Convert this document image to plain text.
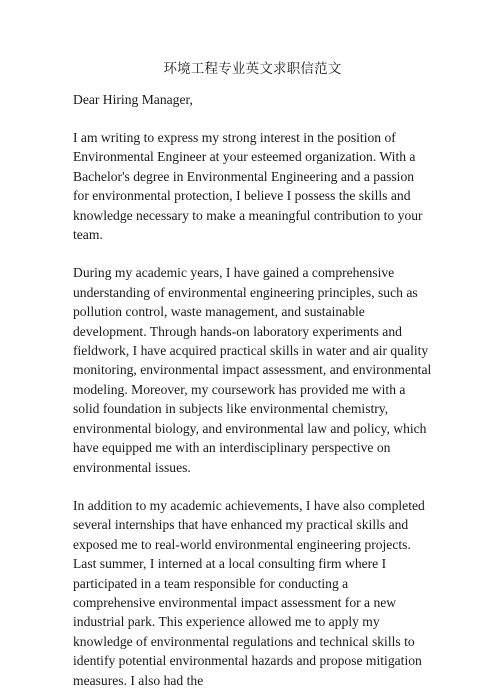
环境工程专业英文求职信范文
Dear Hiring Manager,

I am writing to express my strong interest in the position of Environmental Engineer at your esteemed organization. With a Bachelor's degree in Environmental Engineering and a passion for environmental protection, I believe I possess the skills and knowledge necessary to make a meaningful contribution to your team.

During my academic years, I have gained a comprehensive understanding of environmental engineering principles, such as pollution control, waste management, and sustainable development. Through hands-on laboratory experiments and fieldwork, I have acquired practical skills in water and air quality monitoring, environmental impact assessment, and environmental modeling. Moreover, my coursework has provided me with a solid foundation in subjects like environmental chemistry, environmental biology, and environmental law and policy, which have equipped me with an interdisciplinary perspective on environmental issues.

In addition to my academic achievements, I have also completed several internships that have enhanced my practical skills and exposed me to real-world environmental engineering projects. Last summer, I interned at a local consulting firm where I participated in a team responsible for conducting a comprehensive environmental impact assessment for a new industrial park. This experience allowed me to apply my knowledge of environmental regulations and technical skills to identify potential environmental hazards and propose mitigation measures. I also had the
